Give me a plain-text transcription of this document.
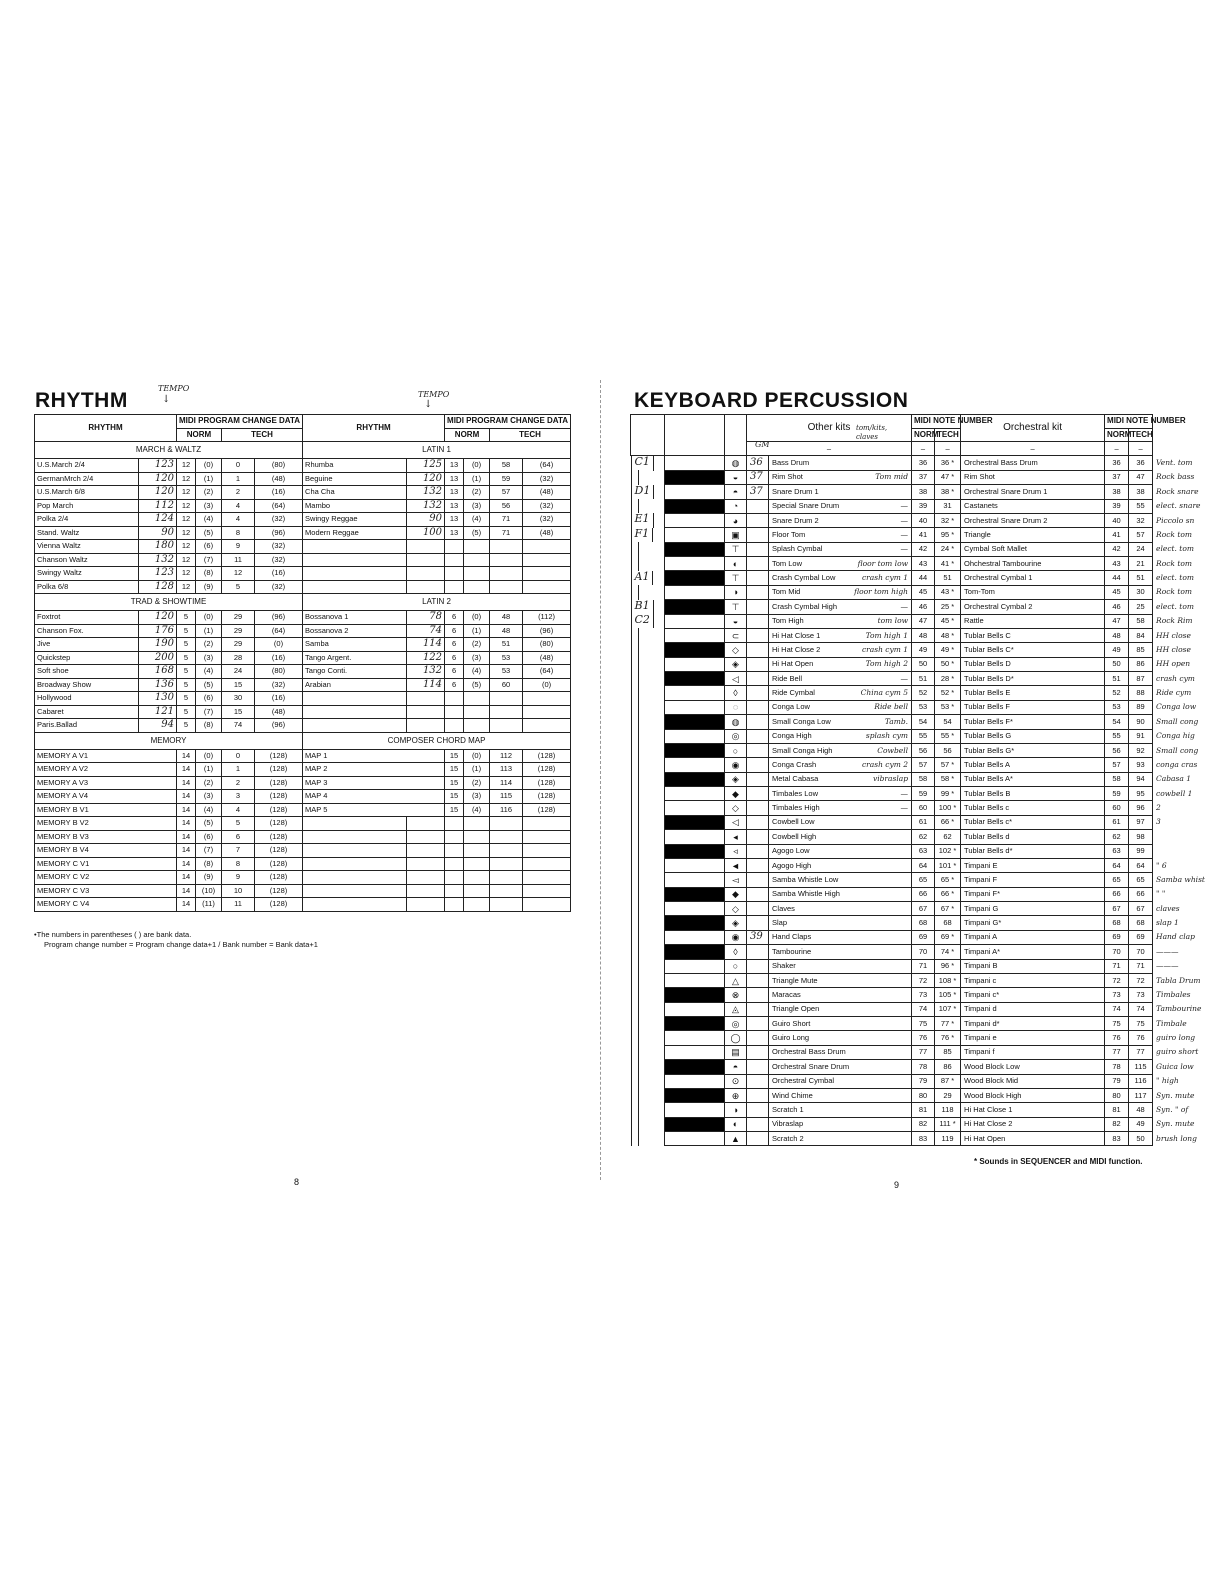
RHYTHM
TEMPO
↓	TEMPO
↓
RHYTHM		MIDI PROGRAM CHANGE DATA				RHYTHM		MIDI PROGRAM CHANGE DATA			
		NORM		TECH				NORM		TECH	
MARCH & WALTZ						LATIN 1					
U.S.March 2/4	123	12	(0)	0	(80)	Rhumba	125	13	(0)	58	(64)
GermanMrch 2/4	120	12	(1)	1	(48)	Beguine	120	13	(1)	59	(32)
U.S.March 6/8	120	12	(2)	2	(16)	Cha Cha	132	13	(2)	57	(48)
Pop March	112	12	(3)	4	(64)	Mambo	132	13	(3)	56	(32)
Polka 2/4	124	12	(4)	4	(32)	Swingy Reggae	90	13	(4)	71	(32)
Stand. Waltz	90	12	(5)	8	(96)	Modern Reggae	100	13	(5)	71	(48)
Vienna Waltz	180	12	(6)	9	(32)						
Chanson Waltz	132	12	(7)	11	(32)						
Swingy Waltz	123	12	(8)	12	(16)						
Polka 6/8	128	12	(9)	5	(32)						
TRAD & SHOWTIME						LATIN 2					
Foxtrot	120	5	(0)	29	(96)	Bossanova 1	78	6	(0)	48	(112)
Chanson Fox.	176	5	(1)	29	(64)	Bossanova 2	74	6	(1)	48	(96)
Jive	190	5	(2)	29	(0)	Samba	114	6	(2)	51	(80)
Quickstep	200	5	(3)	28	(16)	Tango Argent.	122	6	(3)	53	(48)
Soft shoe	168	5	(4)	24	(80)	Tango Conti.	132	6	(4)	53	(64)
Broadway Show	136	5	(5)	15	(32)	Arabian	114	6	(5)	60	(0)
Hollywood	130	5	(6)	30	(16)						
Cabaret	121	5	(7)	15	(48)						
Paris.Ballad	94	5	(8)	74	(96)						
MEMORY						COMPOSER CHORD MAP					
MEMORY A V1		14	(0)	0	(128)	MAP 1		15	(0)	112	(128)
MEMORY A V2		14	(1)	1	(128)	MAP 2		15	(1)	113	(128)
MEMORY A V3		14	(2)	2	(128)	MAP 3		15	(2)	114	(128)
MEMORY A V4		14	(3)	3	(128)	MAP 4		15	(3)	115	(128)
MEMORY B V1		14	(4)	4	(128)	MAP 5		15	(4)	116	(128)
MEMORY B V2		14	(5)	5	(128)						
MEMORY B V3		14	(6)	6	(128)						
MEMORY B V4		14	(7)	7	(128)						
MEMORY C V1		14	(8)	8	(128)						
MEMORY C V2		14	(9)	9	(128)						
MEMORY C V3		14	(10)	10	(128)						
MEMORY C V4		14	(11)	11	(128)						
•The numbers in parentheses ( ) are bank data.
Program change number = Program change data+1 / Bank number = Bank data+1
8
KEYBOARD PERCUSSION
9
* Sounds in SEQUENCER and MIDI function.
			Other kits		MIDI NOTE NUMBER		Orchestral kit	MIDI NOTE NUMBER		
					NORM	TECH		NORM	TECH	
			–		–	–	–	–	–	

C1
		◍	36	Bass Drum	36	36 *	Orchestral Bass Drum	36	36	Vent. tom

	◒	37	Rim Shot Tom mid	37	47 *	Rim Shot	37	47	Rock bass

D1
		◓	37	Snare Drum 1	38	38 *	Orchestral Snare Drum 1	38	38	Rock snare

	◔		Special Snare Drum —	39	31	Castanets	39	55	elect. snare

E1
		◕		Snare Drum 2 —	40	32 *	Orchestral Snare Drum 2	40	32	Piccolo sn

F1
		▣		Floor Tom —	41	95 *	Triangle	41	57	Rock tom

	⊤		Splash Cymbal —	42	24 *	Cymbal Soft Mallet	42	24	elect. tom

	◐		Tom Low floor tom low	43	41 *	Ohchestral Tambourine	43	21	Rock tom

A1
		⊤		Crash Cymbal Low crash cym 1	44	51	Orchestral Cymbal 1	44	51	elect. tom

	◑		Tom Mid floor tom high	45	43 *	Tom-Tom	45	30	Rock tom

B1
		⊤		Crash Cymbal High —	46	25 *	Orchestral Cymbal 2	46	25	elect. tom

C2
		◒		Tom High tom low	47	45 *	Rattle	47	58	Rock Rim

	⊂		Hi Hat Close 1 Tom high 1	48	48 *	Tublar Bells C	48	84	HH close

	◇		Hi Hat Close 2 crash cym 1	49	49 *	Tublar Bells C*	49	85	HH close

	◈		Hi Hat Open Tom high 2	50	50 *	Tublar Bells D	50	86	HH open

	◁		Ride Bell —	51	28 *	Tublar Bells D*	51	87	crash cym

	◊		Ride Cymbal China cym 5	52	52 *	Tublar Bells E	52	88	Ride cym

	◌		Conga Low Ride bell	53	53 *	Tublar Bells F	53	89	Conga low

	◍		Small Conga Low Tamb.	54	54	Tublar Bells F*	54	90	Small cong

	◎		Conga High splash cym	55	55 *	Tublar Bells G	55	91	Conga hig

	○		Small Conga High Cowbell	56	56	Tublar Bells G*	56	92	Small cong

	◉		Conga Crash crash cym 2	57	57 *	Tublar Bells A	57	93	conga cras

	◈		Metal Cabasa vibraslap	58	58 *	Tublar Bells A*	58	94	Cabasa 1

	◆		Timbales Low —	59	99 *	Tublar Bells B	59	95	cowbell 1

	◇		Timbales High —	60	100 *	Tublar Bells c	60	96	2

	◁		Cowbell Low	61	66 *	Tublar Bells c*	61	97	3

	◂		Cowbell High	62	62	Tublar Bells d	62	98	

	◃		Agogo Low	63	102 *	Tublar Bells d*	63	99	

	◄		Agogo High	64	101 *	Timpani E	64	64	" 6

	◅		Samba Whistle Low	65	65 *	Timpani F	65	65	Samba whist

	◆		Samba Whistle High	66	66 *	Timpani F*	66	66	" "

	◇		Claves	67	67 *	Timpani G	67	67	claves

	◈		Slap	68	68	Timpani G*	68	68	slap 1

	◉	39	Hand Claps	69	69 *	Timpani A	69	69	Hand clap

	◊		Tambourine	70	74 *	Timpani A*	70	70	———

	○		Shaker	71	96 *	Timpani B	71	71	———

	△		Triangle Mute	72	108 *	Timpani c	72	72	Tabla Drum

	⊗		Maracas	73	105 *	Timpani c*	73	73	Timbales

	◬		Triangle Open	74	107 *	Timpani d	74	74	Tambourine

	◎		Guiro Short	75	77 *	Timpani d*	75	75	Timbale

	◯		Guiro Long	76	76 *	Timpani e	76	76	guiro long

	▤		Orchestral Bass Drum	77	85	Timpani f	77	77	guiro short

	◓		Orchestral Snare Drum	78	86	Wood Block Low	78	115	Guica low

	⊙		Orchestral Cymbal	79	87 *	Wood Block Mid	79	116	" high

	⊕		Wind Chime	80	29	Wood Block High	80	117	Syn. mute

	◑		Scratch 1	81	118	Hi Hat Close 1	81	48	Syn. " of

	◐		Vibraslap	82	111 *	Hi Hat Close 2	82	49	Syn. mute

	▲		Scratch 2	83	119	Hi Hat Open	83	50	brush long
GM
tom/kits, claves
